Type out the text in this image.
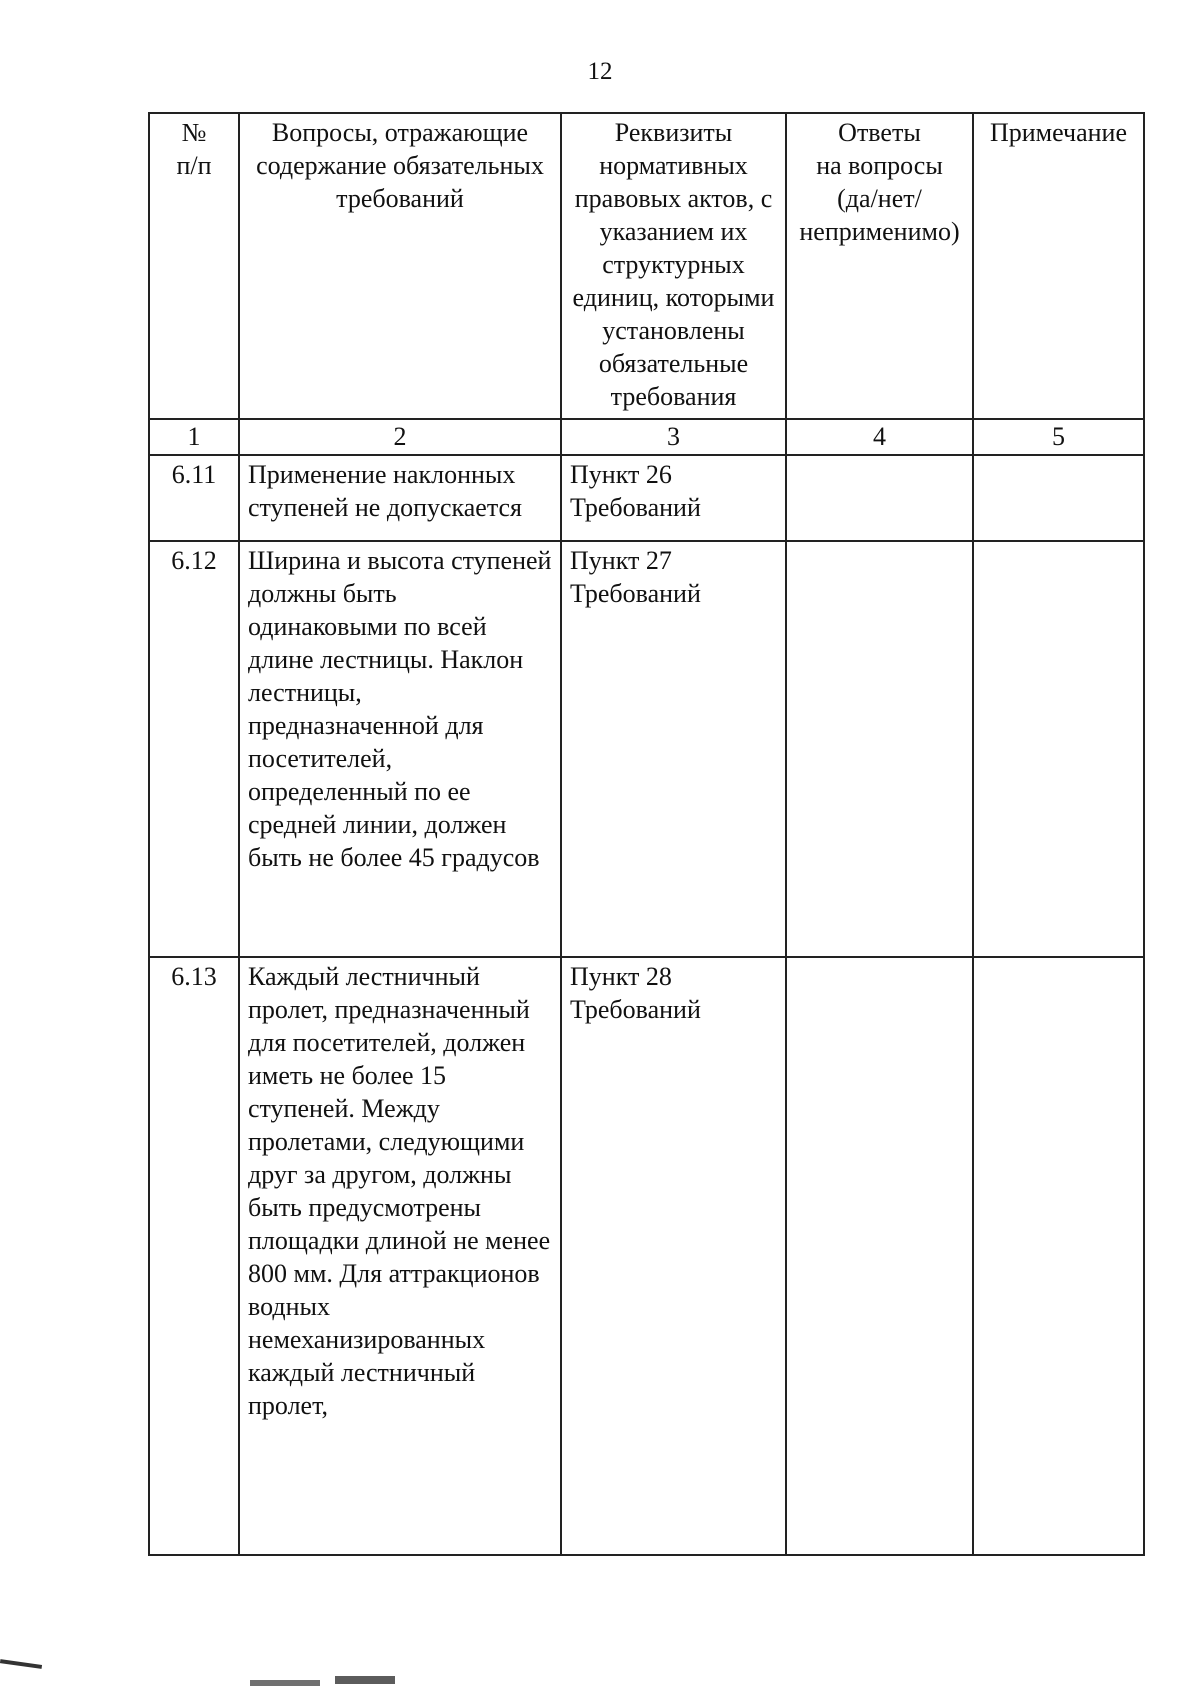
12
№
п/п	Вопросы, отражающие содержание обязательных требований	Реквизиты нормативных правовых актов, с указанием их структурных единиц, которыми установлены обязательные требования	Ответы
на вопросы
(да/нет/
неприменимо)	Примечание
1	2	3	4	5
6.11	Применение наклонных ступеней не допускается	Пункт 26
Требований		
6.12	Ширина и высота ступеней должны быть одинаковыми по всей длине лестницы. Наклон лестницы, предназначенной для посетителей, определенный по ее средней линии, должен быть не более 45 градусов	Пункт 27
Требований		
6.13	Каждый лестничный пролет, предназначенный для посетителей, должен иметь не более 15 ступеней. Между пролетами, следующими друг за другом, должны быть предусмотрены площадки длиной не менее 800 мм. Для аттракционов водных немеханизированных каждый лестничный пролет,	Пункт 28
Требований		
